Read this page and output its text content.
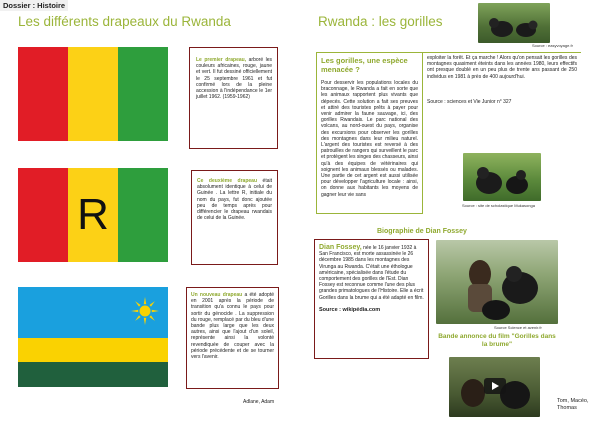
Dossier : Histoire
Les différents drapeaux du Rwanda	Rwanda : les gorilles
Le premier drapeau, arboré les couleurs africaines, rouge, jaune et vert. Il fut dessiné officiellement le 25 septembre 1961 et fut confirmé lors de la pleine accession à l'indépendance le 1er juillet 1962. (1959-1962)
R
Ce deuxième drapeau était absolument identique à celui de Guinée . La lettre R, initiale du nom du pays, fut donc ajoutée peu de temps après pour différencier le drapeau rwandais de celui de la Guinée.
Un nouveau drapeau a été adopté en 2001 après la période de transition qu'a connu le pays pour sortir du génocide . La suppression du rouge, remplacé par du bleu d'une bande plus large que les deux autres, ainsi que l'ajout d'un soleil, représente ainsi la volonté revendiquée de couper avec la période précédente et de se tourner vers l'avenir.
Adlane, Adam
Source : easyvoyage.fr
Les gorilles, une espèce menacée ?
Pour desservir les populations locales du braconnage, le Rwanda a fait en sorte que les animaux rapportent plus vivants que dépecés. Cette solution a fait ses preuves et attiré des touristes prêts à payer pour venir admirer la faune sauvage, ici, des gorilles Rwandais. Le parc national des volcans, au nord-ouest du pays, organise des excursions pour observer les gorilles des montagnes dans leur milieu naturel. L'argent des touristes est reversé à des patrouilles de rangers qui surveillent le parc et protègent les singes des chasseurs, ainsi qu'à des équipes de vétérinaires qui soignent les animaux blessés ou malades. Une partie de cet argent est aussi utilisée pour développer l'agriculture locale : ainsi, on donne aux habitants les moyens de gagner leur vie sans
exploiter la forêt. Et ça marche ! Alors qu'on pensait les gorilles des montagnes quasiment éteints dans les années 1980, leurs effectifs ont presque doublé en un peu plus de trente ans passant de 250 individus en 1981 à près de 400 aujourd'hui.
Source : sciences et Vie Junior n° 327
Source : site de scholastique Mukasonga
Biographie de Dian Fossey
Dian Fossey, née le 16 janvier 1932 à San Francisco, est morte assassinée le 26 décembre 1985 dans les montagnes des Virunga au Rwanda. C'était une éthologue américaine, spécialisée dans l'étude du comportement des gorilles de l'Est. Dian Fossey est reconnue comme l'une des plus grandes primatologues de l'Histoire. Elle a écrit Gorilles dans la brume qui a été adapté en film.
Source : wikipédia.com
Source Science et avenir.fr
Bande annonce du film "Gorilles dans la brume"
Tom, Macéo, Thomas
